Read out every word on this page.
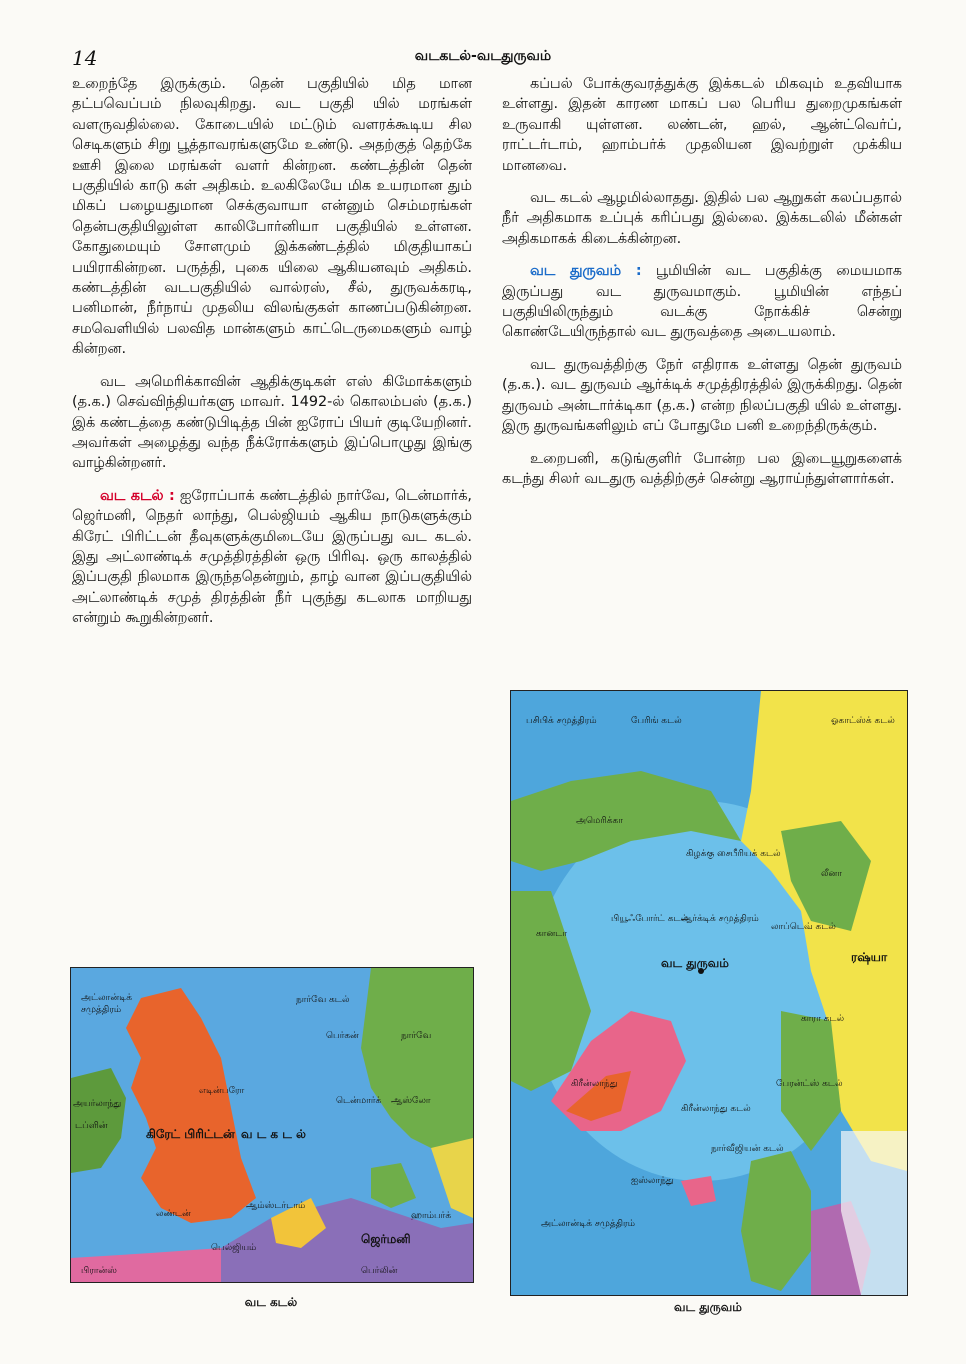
14	வடகடல்-வடதுருவம்

உறைந்தே இருக்கும். தென் பகுதியில் மித மான தட்பவெப்பம் நிலவுகிறது. வட பகுதி யில் மரங்கள் வளருவதில்லை. கோடையில் மட்டும் வளரக்கூடிய சில செடிகளும் சிறு பூத்தாவரங்களுமே உண்டு. அதற்குத் தெற்கே ஊசி இலை மரங்கள் வளர் கின்றன. கண்டத்தின் தென் பகுதியில் காடு கள் அதிகம். உலகிலேயே மிக உயரமான தும் மிகப் பழையதுமான செக்குவாயா என்னும் செம்மரங்கள் தென்பகுதியிலுள்ள காலிபோர்னியா பகுதியில் உள்ளன. கோதுமையும் சோளமும் இக்கண்டத்தில் மிகுதியாகப் பயிராகின்றன. பருத்தி, புகை யிலை ஆகியனவும் அதிகம். கண்டத்தின் வடபகுதியில் வால்ரஸ், சீல், துருவக்கரடி, பனிமான், நீர்நாய் முதலிய விலங்குகள் காணப்படுகின்றன. சமவெளியில் பலவித மான்களும் காட்டெருமைகளும் வாழ் கின்றன.

வட அமெரிக்காவின் ஆதிக்குடிகள் எஸ் கிமோக்களும் (த.க.) செவ்விந்தியர்களு மாவர். 1492-ல் கொலம்பஸ் (த.க.) இக் கண்டத்தை கண்டுபிடித்த பின் ஐரோப் பியர் குடியேறினர். அவர்கள் அழைத்து வந்த நீக்ரோக்களும் இப்பொழுது இங்கு வாழ்கின்றனர்.

வட கடல் : ஐரோப்பாக் கண்டத்தில் நார்வே, டென்மார்க், ஜெர்மனி, நெதர் லாந்து, பெல்ஜியம் ஆகிய நாடுகளுக்கும் கிரேட் பிரிட்டன் தீவுகளுக்குமிடையே இருப்பது வட கடல். இது அட்லாண்டிக் சமுத்திரத்தின் ஒரு பிரிவு. ஒரு காலத்தில் இப்பகுதி நிலமாக இருந்ததென்றும், தாழ் வான இப்பகுதியில் அட்லாண்டிக் சமுத் திரத்தின் நீர் புகுந்து கடலாக மாறியது என்றும் கூறுகின்றனர்.

கப்பல் போக்குவரத்துக்கு இக்கடல் மிகவும் உதவியாக உள்ளது. இதன் காரண மாகப் பல பெரிய துறைமுகங்கள் உருவாகி யுள்ளன. லண்டன், ஹல், ஆன்ட்வெர்ப், ராட்டர்டாம், ஹாம்பர்க் முதலியன இவற்றுள் முக்கிய மானவை.

வட கடல் ஆழமில்லாதது. இதில் பல ஆறுகள் கலப்பதால் நீர் அதிகமாக உப்புக் கரிப்பது இல்லை. இக்கடலில் மீன்கள் அதிகமாகக் கிடைக்கின்றன.

வட துருவம் : பூமியின் வட பகுதிக்கு மையமாக இருப்பது வட துருவமாகும். பூமியின் எந்தப் பகுதியிலிருந்தும் வடக்கு நோக்கிச் சென்று கொண்டேயிருந்தால் வட துருவத்தை அடையலாம்.

வட துருவத்திற்கு நேர் எதிராக உள்ளது தென் துருவம் (த.க.). வட துருவம் ஆர்க்டிக் சமுத்திரத்தில் இருக்கிறது. தென் துருவம் அன்டார்க்டிகா (த.க.) என்ற நிலப்பகுதி யில் உள்ளது. இரு துருவங்களிலும் எப் போதுமே பனி உறைந்திருக்கும்.

உறைபனி, கடுங்குளிர் போன்ற பல இடையூறுகளைக் கடந்து சிலர் வடதுரு வத்திற்குச் சென்று ஆராய்ந்துள்ளார்கள்.

அட்லான்டிக்
சமுத்திரம்
நார்வே கடல்
பெர்கன்	நார்வே
ஆஸ்லோ
எடின்பரோ
அயர்லாந்து
டப்ளின்
கிரேட் பிரிட்டன் வ ட க ட ல்
டென்மார்க்
ஹாம்பர்க்
லண்டன்
ஆம்ஸ்டர்டாம்
பெல்ஜியம்
ஜெர்மனி
பிரான்ஸ்	பெர்லின்
வட கடல்
பசிபிக் சமுத்திரம்	பேரிங் கடல்	ஓகாட்ஸ்க் கடல்
அமெரிக்கா
கிழக்கு சைபீரியக் கடல்
பியூஃபோர்ட் கடல்
ஆர்க்டிக் சமுத்திரம்
லாப்டெவ் கடல்
லீனா
கானடா
ரஷ்யா
வட துருவம்
காரா கடல்
கிரீன்லாந்து	பேரன்ட்ஸ் கடல்
கிரீன்லாந்து கடல்
நார்வீஜியன் கடல்
ஐஸ்லாந்து
அட்லான்டிக் சமுத்திரம்
வட துருவம்
